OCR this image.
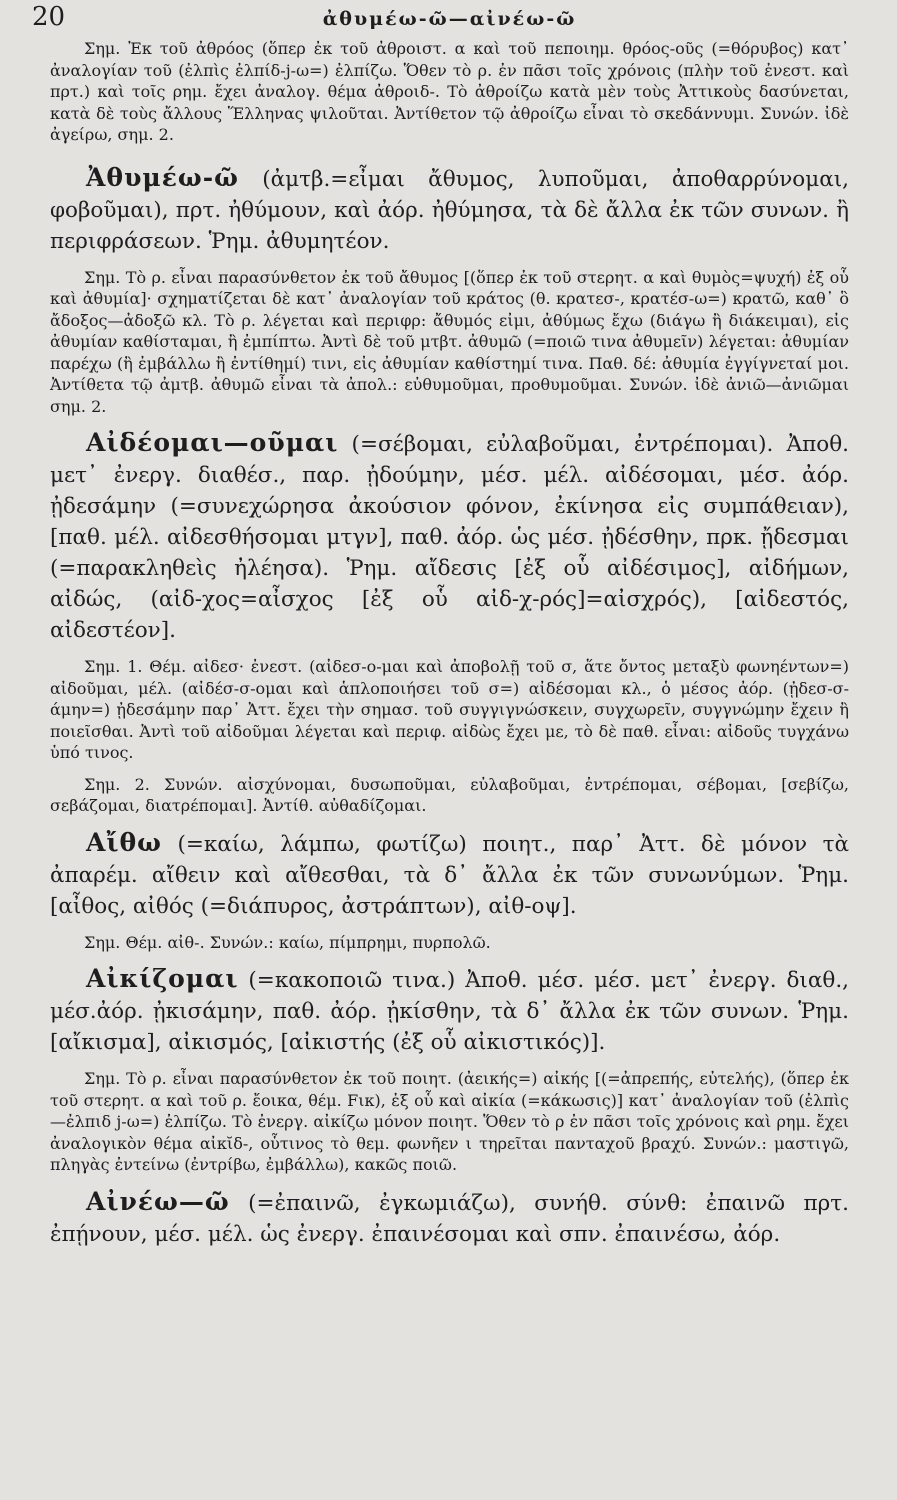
20	ἀθυμέω-ῶ—αἰνέω-ῶ

Σημ. Ἐκ τοῦ ἀθρόος (ὅπερ ἐκ τοῦ ἀθροιστ. α καὶ τοῦ πεποιημ. θρόος-οῦς (=θόρυβος) κατ᾽ ἀναλογίαν τοῦ (ἐλπὶς ἐλπίδ-j-ω=) ἐλπίζω. Ὅθεν τὸ ρ. ἐν πᾶσι τοῖς χρόνοις (πλὴν τοῦ ἐνεστ. καὶ πρτ.) καὶ τοῖς ρημ. ἔχει ἀναλογ. θέμα ἀθροιδ-. Τὸ ἀθροίζω κατὰ μὲν τοὺς Ἀττικοὺς δασύνεται, κατὰ δὲ τοὺς ἄλλους Ἕλληνας ψιλοῦται. Ἀντίθετον τῷ ἀθροίζω εἶναι τὸ σκεδάννυμι. Συνών. ἰδὲ ἀγείρω, σημ. 2.

Ἀθυμέω-ῶ (ἀμτβ.=εἶμαι ἄθυμος, λυποῦμαι, ἀποθαρρύνομαι, φοβοῦμαι), πρτ. ἠθύμουν, καὶ ἀόρ. ἠθύμησα, τὰ δὲ ἄλλα ἐκ τῶν συνων. ἢ περιφράσεων. Ῥημ. ἀθυμητέον.

Σημ. Τὸ ρ. εἶναι παρασύνθετον ἐκ τοῦ ἄθυμος [(ὅπερ ἐκ τοῦ στερητ. α καὶ θυμὸς=ψυχή) ἐξ οὗ καὶ ἀθυμία]· σχηματίζεται δὲ κατ᾽ ἀναλογίαν τοῦ κράτος (θ. κρατεσ-, κρατέσ-ω=) κρατῶ, καθ᾽ ὃ ἄδοξος—ἀδοξῶ κλ. Τὸ ρ. λέγεται καὶ περιφρ: ἄθυμός εἰμι, ἀθύμως ἔχω (διάγω ἢ διάκειμαι), εἰς ἀθυμίαν καθίσταμαι, ἢ ἐμπίπτω. Ἀντὶ δὲ τοῦ μτβτ. ἀθυμῶ (=ποιῶ τινα ἀθυμεῖν) λέγεται: ἀθυμίαν παρέχω (ἢ ἐμβάλλω ἢ ἐντίθημί) τινι, εἰς ἀθυμίαν καθίστημί τινα. Παθ. δέ: ἀθυμία ἐγγίγνεταί μοι. Ἀντίθετα τῷ ἀμτβ. ἀθυμῶ εἶναι τὰ ἀπολ.: εὐθυμοῦμαι, προθυμοῦμαι. Συνών. ἰδὲ ἀνιῶ—ἀνιῶμαι σημ. 2.

Αἰδέομαι—οῦμαι (=σέβομαι, εὐλαβοῦμαι, ἐντρέπομαι). Ἀποθ. μετ᾽ ἐνεργ. διαθέσ., παρ. ᾐδούμην, μέσ. μέλ. αἰδέσομαι, μέσ. ἀόρ. ᾐδεσάμην (=συνεχώρησα ἀκούσιον φόνον, ἐκίνησα εἰς συμπάθειαν), [παθ. μέλ. αἰδεσθήσομαι μτγν], παθ. ἀόρ. ὡς μέσ. ᾐδέσθην, πρκ. ᾔδεσμαι (=παρακληθεὶς ἠλέησα). Ῥημ. αἴδεσις [ἐξ οὗ αἰδέσιμος], αἰδήμων, αἰδώς, (αἰδ-χος=αἶσχος [ἐξ οὗ αἰδ-χ-ρός]=αἰσχρός), [αἰδεστός, αἰδεστέον].

Σημ. 1. Θέμ. αἰδεσ· ἐνεστ. (αἰδεσ-ο-μαι καὶ ἀποβολῇ τοῦ σ, ἅτε ὄντος μεταξὺ φωνηέντων=) αἰδοῦμαι, μέλ. (αἰδέσ-σ-ομαι καὶ ἁπλοποιήσει τοῦ σ=) αἰδέσομαι κλ., ὁ μέσος ἀόρ. (ᾐδεσ-σ-άμην=) ᾐδεσάμην παρ᾽ Ἀττ. ἔχει τὴν σημασ. τοῦ συγγιγνώσκειν, συγχωρεῖν, συγγνώμην ἔχειν ἢ ποιεῖσθαι. Ἀντὶ τοῦ αἰδοῦμαι λέγεται καὶ περιφ. αἰδὼς ἔχει με, τὸ δὲ παθ. εἶναι: αἰδοῦς τυγχάνω ὑπό τινος.

Σημ. 2. Συνών. αἰσχύνομαι, δυσωποῦμαι, εὐλαβοῦμαι, ἐντρέπομαι, σέβομαι, [σεβίζω, σεβάζομαι, διατρέπομαι]. Ἀντίθ. αὐθαδίζομαι.

Αἴθω (=καίω, λάμπω, φωτίζω) ποιητ., παρ᾽ Ἀττ. δὲ μόνον τὰ ἀπαρέμ. αἴθειν καὶ αἴθεσθαι, τὰ δ᾽ ἄλλα ἐκ τῶν συνωνύμων. Ῥημ. [αἶθος, αἰθός (=διάπυρος, ἀστράπτων), αἰθ-οψ].

Σημ. Θέμ. αἰθ-. Συνών.: καίω, πίμπρημι, πυρπολῶ.

Αἰκίζομαι (=κακοποιῶ τινα.) Ἀποθ. μέσ. μέσ. μετ᾽ ἐνεργ. διαθ., μέσ.ἀόρ. ᾐκισάμην, παθ. ἀόρ. ᾐκίσθην, τὰ δ᾽ ἄλλα ἐκ τῶν συνων. Ῥημ. [αἴκισμα], αἰκισμός, [αἰκιστής (ἐξ οὗ αἰκιστικός)].

Σημ. Τὸ ρ. εἶναι παρασύνθετον ἐκ τοῦ ποιητ. (ἀεικής=) αἰκής [(=ἀπρεπής, εὐτελής), (ὅπερ ἐκ τοῦ στερητ. α καὶ τοῦ ρ. ἔοικα, θέμ. Fικ), ἐξ οὗ καὶ αἰκία (=κάκωσις)] κατ᾽ ἀναλογίαν τοῦ (ἐλπὶς—ἐλπιδ j-ω=) ἐλπίζω. Τὸ ἐνεργ. αἰκίζω μόνον ποιητ. Ὅθεν τὸ ρ ἐν πᾶσι τοῖς χρόνοις καὶ ρημ. ἔχει ἀναλογικὸν θέμα αἰκῐδ-, οὗτινος τὸ θεμ. φωνῆεν ι τηρεῖται πανταχοῦ βραχύ. Συνών.: μαστιγῶ, πληγὰς ἐντείνω (ἐντρίβω, ἐμβάλλω), κακῶς ποιῶ.

Αἰνέω—ῶ (=ἐπαινῶ, ἐγκωμιάζω), συνήθ. σύνθ: ἐπαινῶ πρτ. ἐπῄνουν, μέσ. μέλ. ὡς ἐνεργ. ἐπαινέσομαι καὶ σπν. ἐπαινέσω, ἀόρ.
